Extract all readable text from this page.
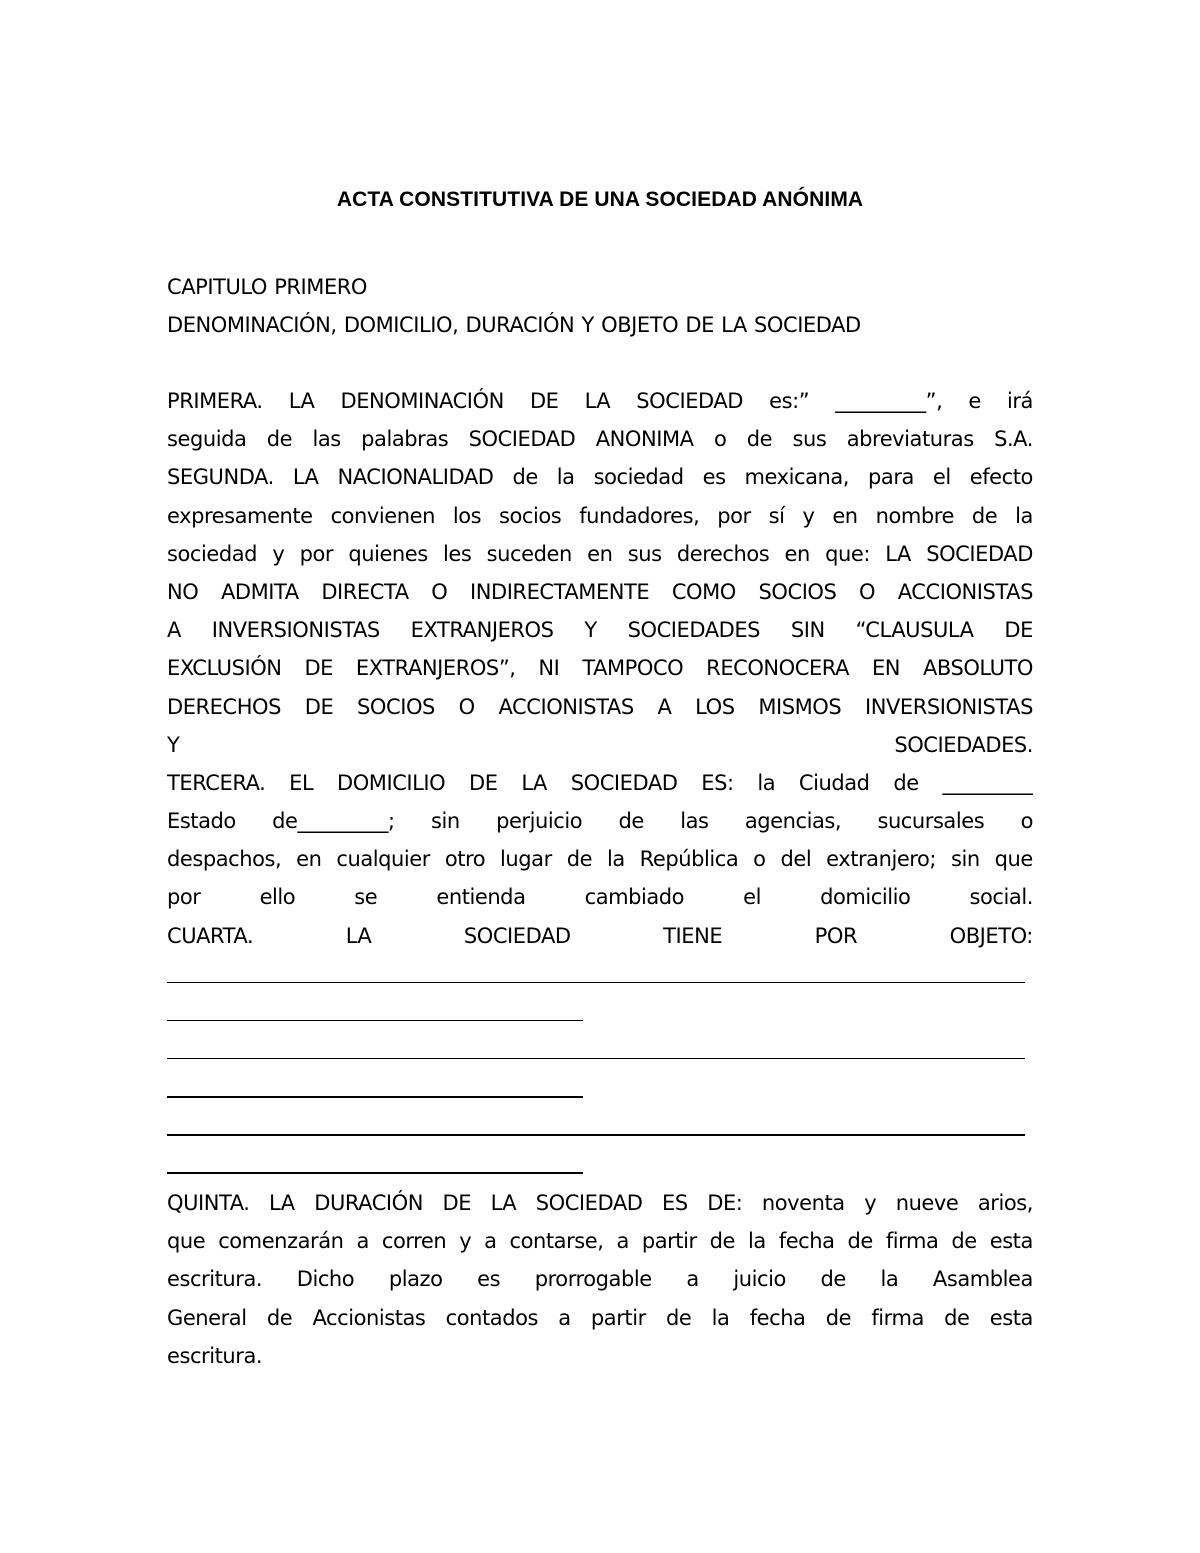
ACTA CONSTITUTIVA DE UNA SOCIEDAD ANÓNIMA
CAPITULO PRIMERO
DENOMINACIÓN, DOMICILIO, DURACIÓN Y OBJETO DE LA SOCIEDAD
PRIMERA. LA DENOMINACIÓN DE LA SOCIEDAD es:” _________”, e irá
seguida de las palabras SOCIEDAD ANONIMA o de sus abreviaturas S.A.
SEGUNDA. LA NACIONALIDAD de la sociedad es mexicana, para el efecto
expresamente convienen los socios fundadores, por sí y en nombre de la
sociedad y por quienes les suceden en sus derechos en que: LA SOCIEDAD
NO ADMITA DIRECTA O INDIRECTAMENTE COMO SOCIOS O ACCIONISTAS
A INVERSIONISTAS EXTRANJEROS Y SOCIEDADES SIN “CLAUSULA DE
EXCLUSIÓN DE EXTRANJEROS”, NI TAMPOCO RECONOCERA EN ABSOLUTO
DERECHOS DE SOCIOS O ACCIONISTAS A LOS MISMOS INVERSIONISTAS
Y	SOCIEDADES.
TERCERA. EL DOMICILIO DE LA SOCIEDAD ES: la Ciudad de _________
Estado de_________; sin perjuicio de las agencias, sucursales o
despachos, en cualquier otro lugar de la República o del extranjero; sin que
por	ello	se	entienda	cambiado	el	domicilio	social.
CUARTA.	LA	SOCIEDAD	TIENE	POR	OBJETO:
QUINTA. LA DURACIÓN DE LA SOCIEDAD ES DE: noventa y nueve arios,
que comenzarán a corren y a contarse, a partir de la fecha de firma de esta
escritura. Dicho plazo es prorrogable a juicio de la Asamblea
General de Accionistas contados a partir de la fecha de firma de esta
escritura.
